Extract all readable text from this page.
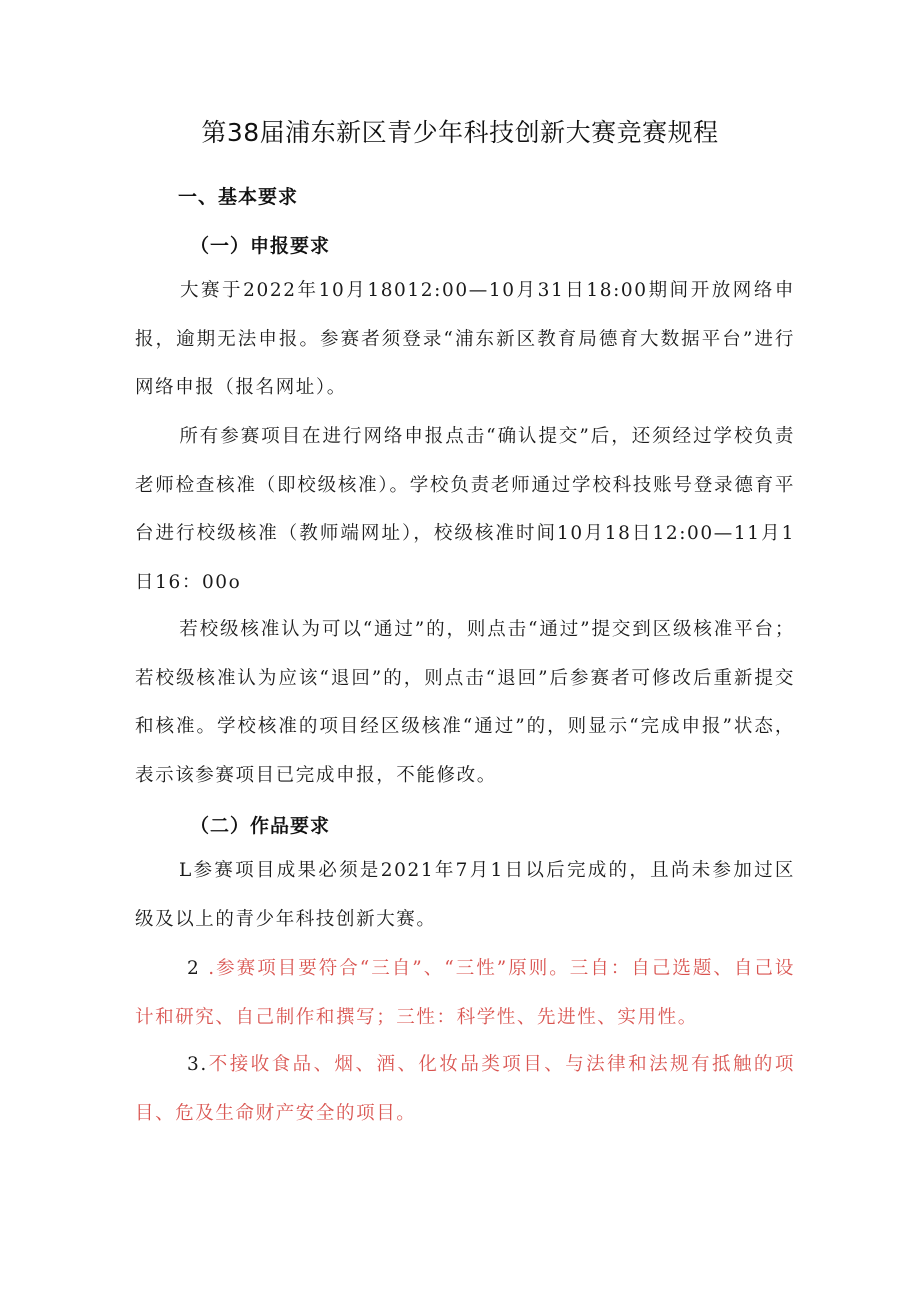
第38届浦东新区青少年科技创新大赛竞赛规程
一、基本要求
（一）申报要求
大赛于2022年10月18012:00—10月31日18:00期间开放网络申报，逾期无法申报。参赛者须登录“浦东新区教育局德育大数据平台”进行网络申报（报名网址）。
所有参赛项目在进行网络申报点击“确认提交”后，还须经过学校负责老师检查核准（即校级核准）。学校负责老师通过学校科技账号登录德育平台进行校级核准（教师端网址），校级核准时间10月18日12:00—11月1日16：00o
若校级核准认为可以“通过”的，则点击“通过”提交到区级核准平台；若校级核准认为应该“退回”的，则点击“退回”后参赛者可修改后重新提交和核准。学校核准的项目经区级核准“通过”的，则显示“完成申报”状态，表示该参赛项目已完成申报，不能修改。
（二）作品要求
L参赛项目成果必须是2021年7月1日以后完成的，且尚未参加过区级及以上的青少年科技创新大赛。
2 .参赛项目要符合“三自”、“三性”原则。三自：自己选题、自己设计和研究、自己制作和撰写；三性：科学性、先进性、实用性。
3.不接收食品、烟、酒、化妆品类项目、与法律和法规有抵触的项目、危及生命财产安全的项目。
